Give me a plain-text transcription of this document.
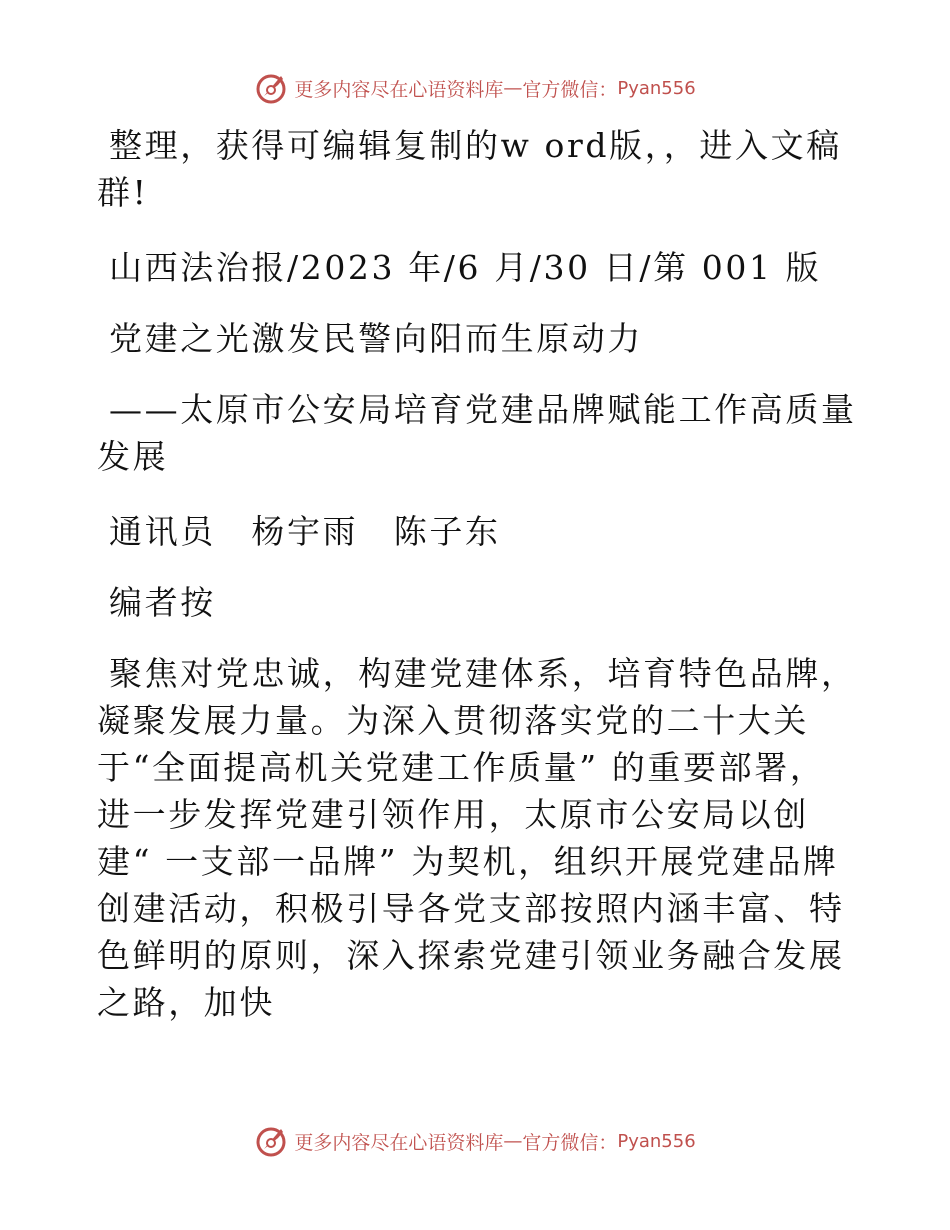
更多内容尽在心语资料库 — 官方微信： Pyan556

整理，获得可编辑复制的w ord版，，进入文稿群!

山西法治报/2023 年/6 月/30 日/第 001 版

党建之光激发民警向阳而生原动力

——太原市公安局培育党建品牌赋能工作高质量发展

通讯员　杨宇雨　陈子东

编者按

聚焦对党忠诚，构建党建体系，培育特色品牌，凝聚发展力量。为深入贯彻落实党的二十大关于“全面提高机关党建工作质量” 的重要部署，进一步发挥党建引领作用，太原市公安局以创建“ 一支部一品牌” 为契机，组织开展党建品牌创建活动，积极引导各党支部按照内涵丰富、特色鲜明的原则，深入探索党建引领业务融合发展之路，加快

更多内容尽在心语资料库 — 官方微信： Pyan556
